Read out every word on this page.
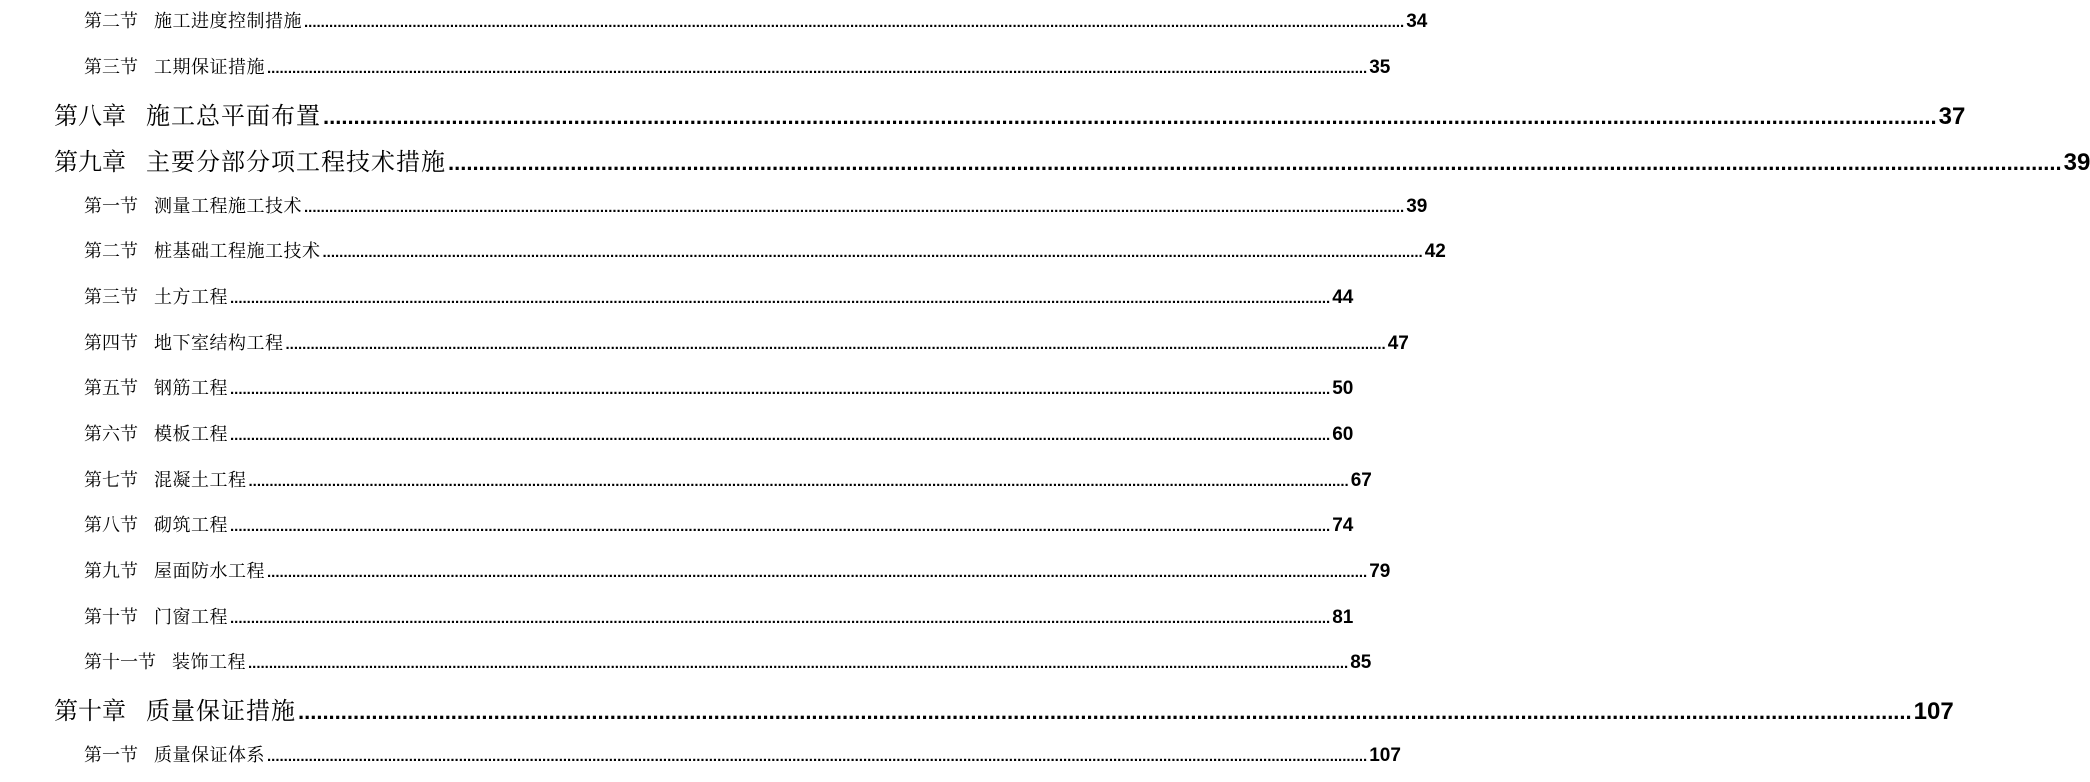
第二节 施工进度控制措施 ........................................................................................................................................................................................................................................................................ 34
第三节 工期保证措施 ........................................................................................................................................................................................................................................................................ 35
第八章 施工总平面布置 ........................................................................................................................................................................................................................................................................ 37
第九章 主要分部分项工程技术措施 ........................................................................................................................................................................................................................................................................ 39
第一节 测量工程施工技术 ........................................................................................................................................................................................................................................................................ 39
第二节 桩基础工程施工技术 ........................................................................................................................................................................................................................................................................ 42
第三节 土方工程 ........................................................................................................................................................................................................................................................................ 44
第四节 地下室结构工程 ........................................................................................................................................................................................................................................................................ 47
第五节 钢筋工程 ........................................................................................................................................................................................................................................................................ 50
第六节 模板工程 ........................................................................................................................................................................................................................................................................ 60
第七节 混凝土工程 ........................................................................................................................................................................................................................................................................ 67
第八节 砌筑工程 ........................................................................................................................................................................................................................................................................ 74
第九节 屋面防水工程 ........................................................................................................................................................................................................................................................................ 79
第十节 门窗工程 ........................................................................................................................................................................................................................................................................ 81
第十一节 装饰工程 ........................................................................................................................................................................................................................................................................ 85
第十章 质量保证措施 ........................................................................................................................................................................................................................................................................ 107
第一节 质量保证体系 ........................................................................................................................................................................................................................................................................ 107
